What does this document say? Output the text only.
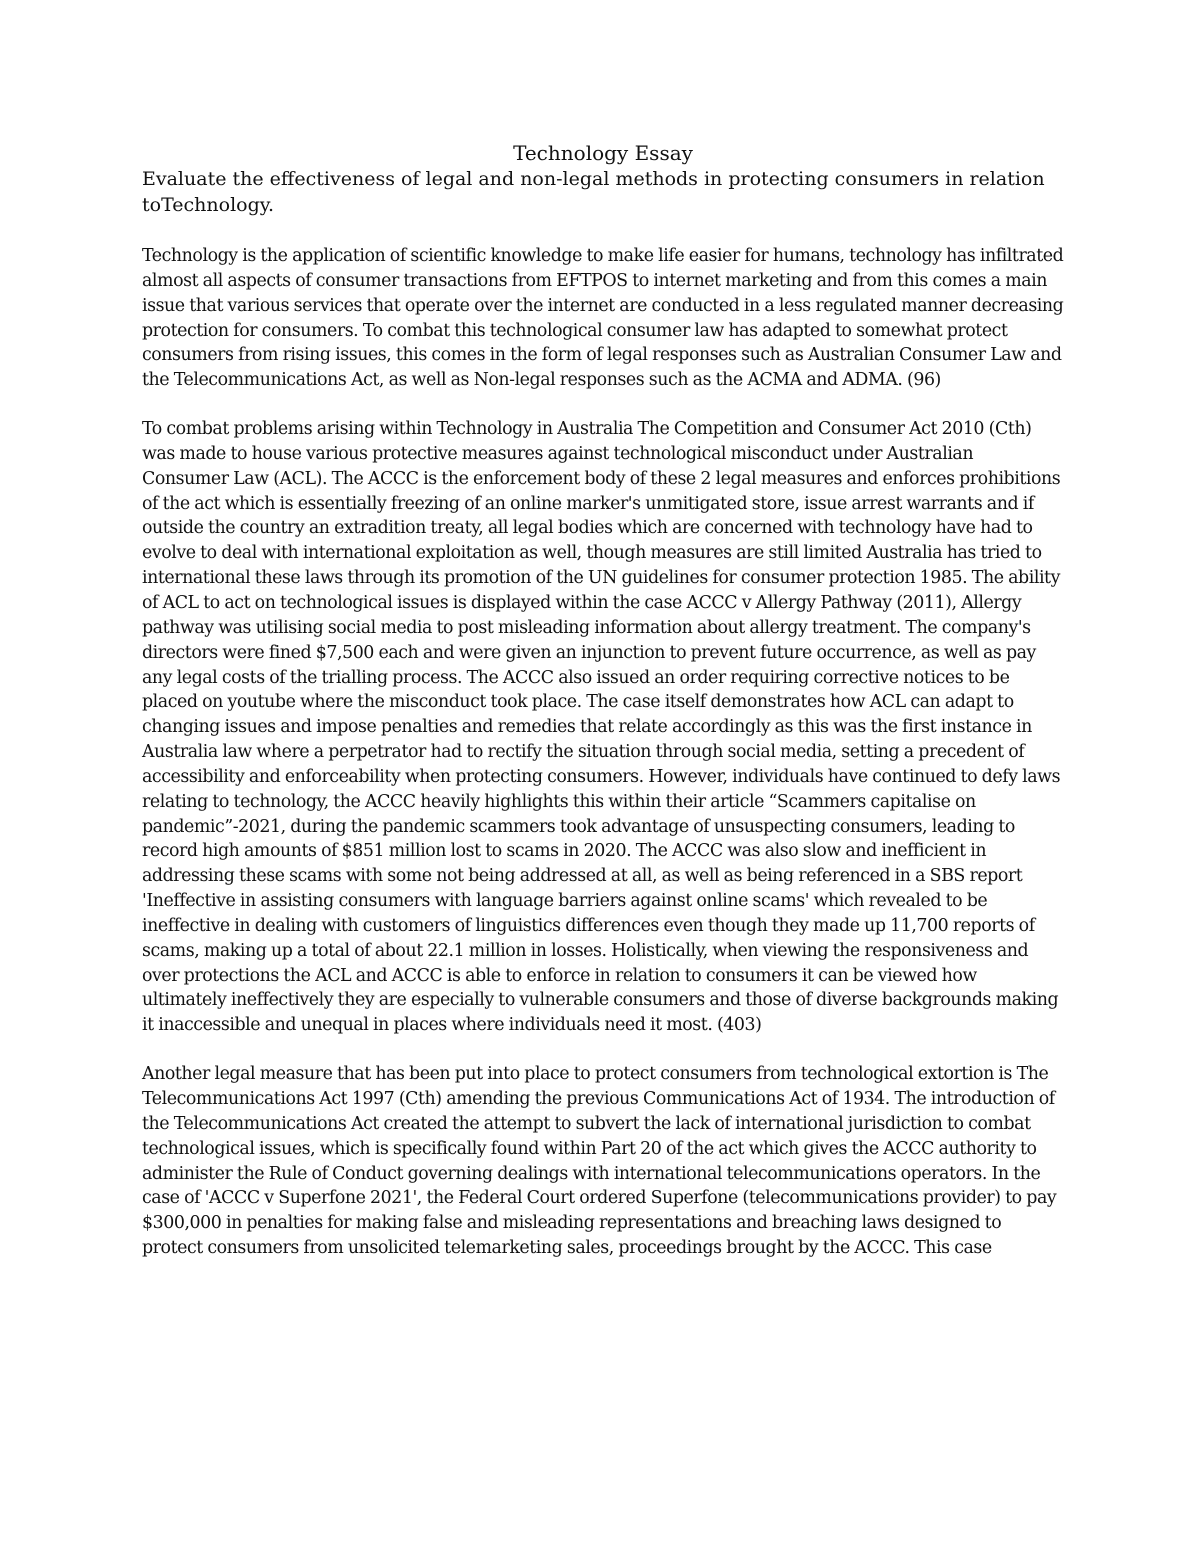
Technology Essay

Evaluate the effectiveness of legal and non-legal methods in protecting consumers in relation toTechnology.

Technology is the application of scientific knowledge to make life easier for humans, technology has infiltrated almost all aspects of consumer transactions from EFTPOS to internet marketing and from this comes a main issue that various services that operate over the internet are conducted in a less regulated manner decreasing protection for consumers. To combat this technological consumer law has adapted to somewhat protect consumers from rising issues, this comes in the form of legal responses such as Australian Consumer Law and the Telecommunications Act, as well as Non-legal responses such as the ACMA and ADMA. (96)

To combat problems arising within Technology in Australia The Competition and Consumer Act 2010 (Cth) was made to house various protective measures against technological misconduct under Australian Consumer Law (ACL). The ACCC is the enforcement body of these 2 legal measures and enforces prohibitions of the act which is essentially freezing of an online marker's unmitigated store, issue arrest warrants and if outside the country an extradition treaty, all legal bodies which are concerned with technology have had to evolve to deal with international exploitation as well, though measures are still limited Australia has tried to international these laws through its promotion of the UN guidelines for consumer protection 1985. The ability of ACL to act on technological issues is displayed within the case ACCC v Allergy Pathway (2011), Allergy pathway was utilising social media to post misleading information about allergy treatment. The company's directors were fined $7,500 each and were given an injunction to prevent future occurrence, as well as pay any legal costs of the trialling process. The ACCC also issued an order requiring corrective notices to be placed on youtube where the misconduct took place. The case itself demonstrates how ACL can adapt to changing issues and impose penalties and remedies that relate accordingly as this was the first instance in Australia law where a perpetrator had to rectify the situation through social media, setting a precedent of accessibility and enforceability when protecting consumers. However, individuals have continued to defy laws relating to technology, the ACCC heavily highlights this within their article “Scammers capitalise on pandemic”-2021, during the pandemic scammers took advantage of unsuspecting consumers, leading to record high amounts of $851 million lost to scams in 2020. The ACCC was also slow and inefficient in addressing these scams with some not being addressed at all, as well as being referenced in a SBS report 'Ineffective in assisting consumers with language barriers against online scams' which revealed to be ineffective in dealing with customers of linguistics differences even though they made up 11,700 reports of scams, making up a total of about 22.1 million in losses. Holistically, when viewing the responsiveness and over protections the ACL and ACCC is able to enforce in relation to consumers it can be viewed how ultimately ineffectively they are especially to vulnerable consumers and those of diverse backgrounds making it inaccessible and unequal in places where individuals need it most. (403)

Another legal measure that has been put into place to protect consumers from technological extortion is The Telecommunications Act 1997 (Cth) amending the previous Communications Act of 1934. The introduction of the Telecommunications Act created the attempt to subvert the lack of international jurisdiction to combat technological issues, which is specifically found within Part 20 of the act which gives the ACCC authority to administer the Rule of Conduct governing dealings with international telecommunications operators. In the case of 'ACCC v Superfone 2021', the Federal Court ordered Superfone (telecommunications provider) to pay $300,000 in penalties for making false and misleading representations and breaching laws designed to protect consumers from unsolicited telemarketing sales, proceedings brought by the ACCC. This case
